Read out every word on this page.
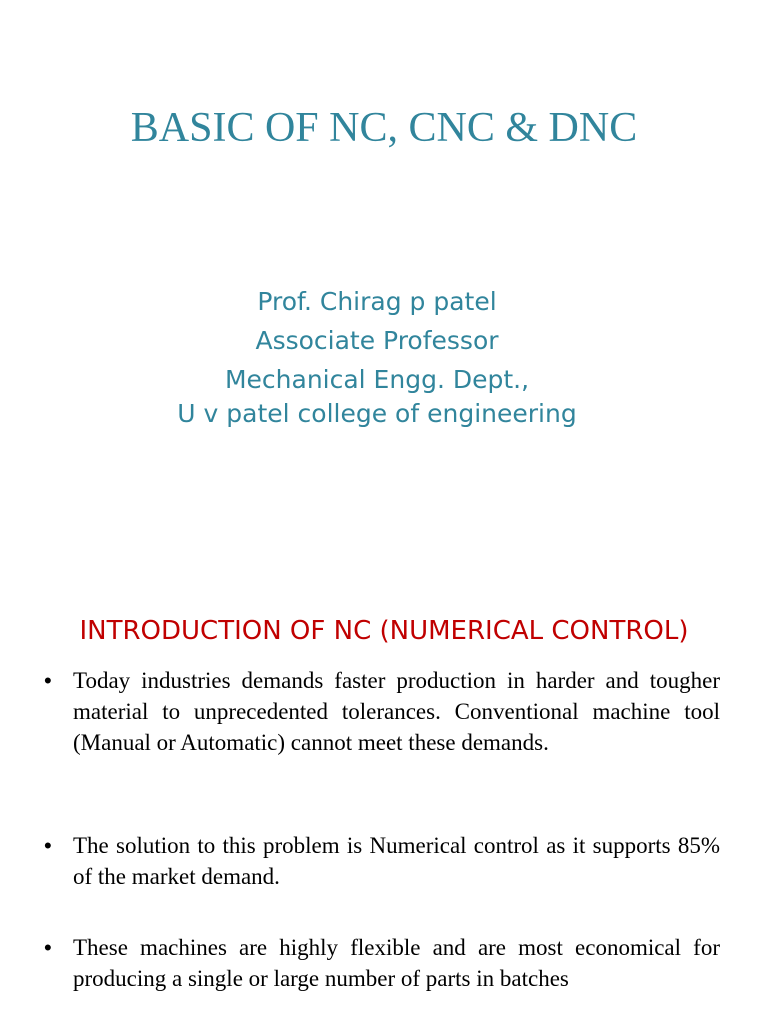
BASIC OF NC, CNC & DNC
Prof. Chirag p patel
Associate Professor
Mechanical Engg. Dept.,
U v patel college of engineering
INTRODUCTION OF NC (NUMERICAL CONTROL)
• Today industries demands faster production in harder and tougher material to unprecedented tolerances. Conventional machine tool (Manual or Automatic) cannot meet these demands.
• The solution to this problem is Numerical control as it supports 85% of the market demand.
• These machines are highly flexible and are most economical for producing a single or large number of parts in batches
